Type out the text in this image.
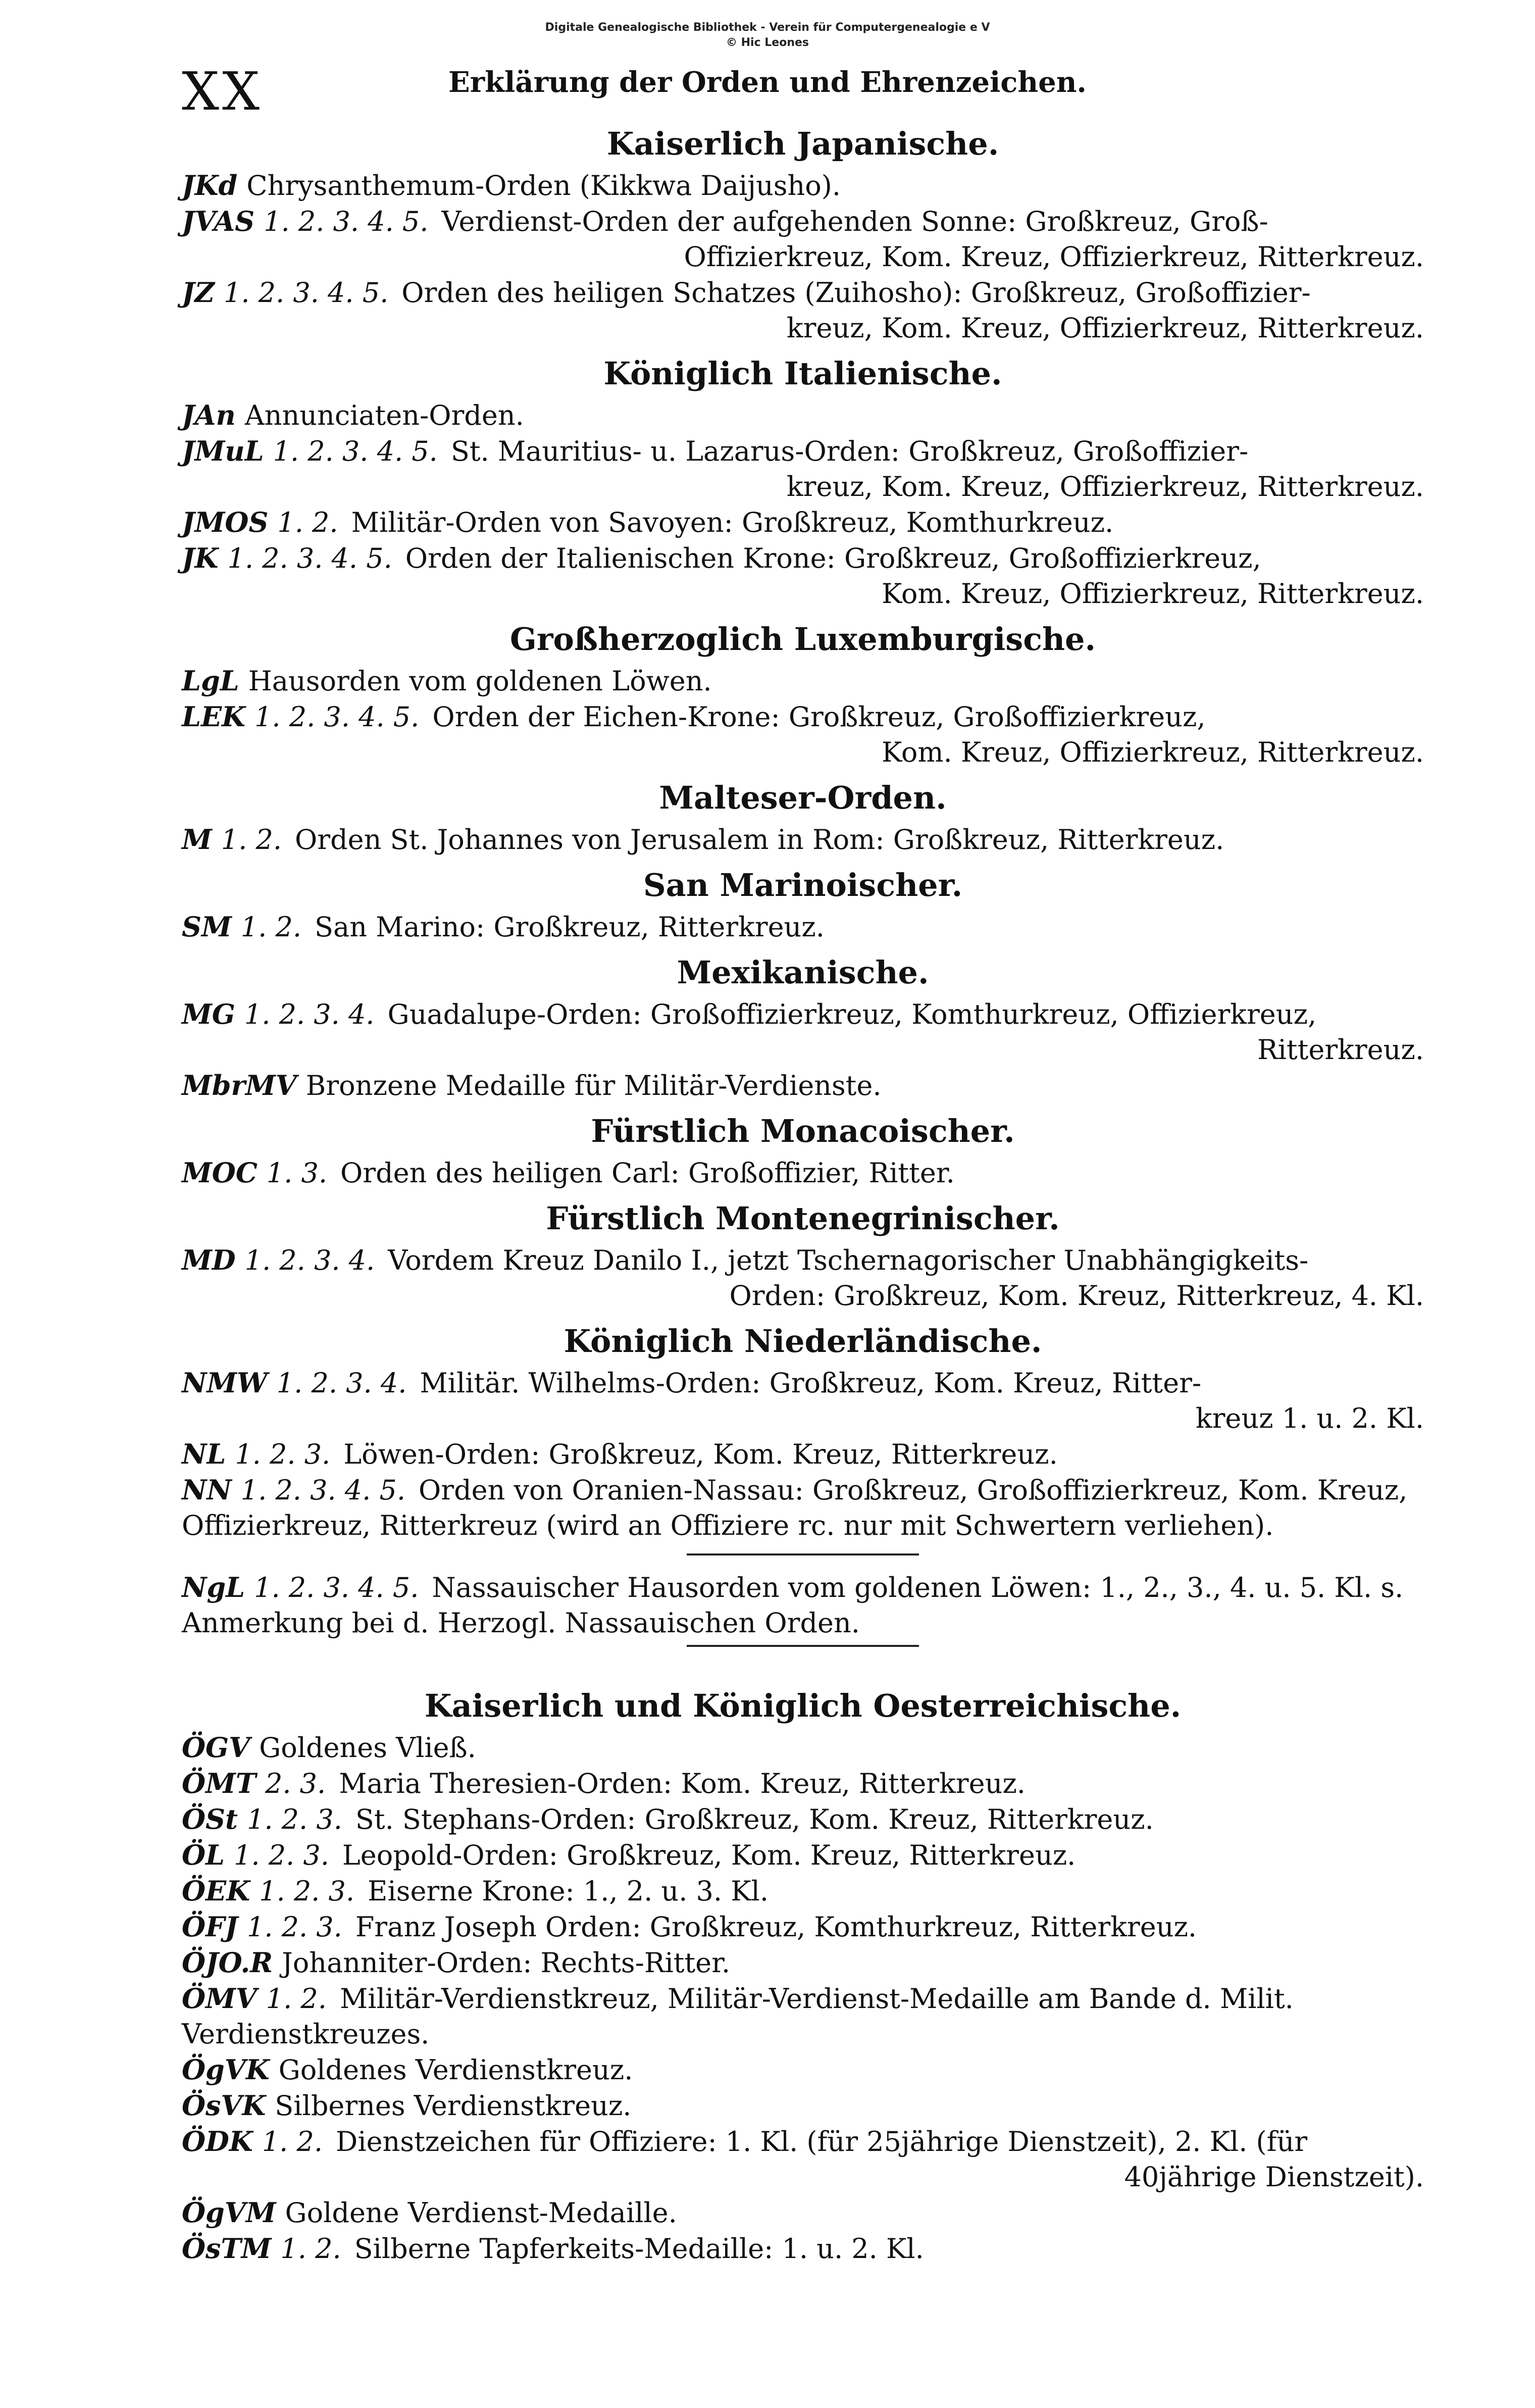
Digitale Genealogische Bibliothek - Verein für Computergenealogie e V
© Hic Leones
XX	Erklärung der Orden und Ehrenzeichen.
Kaiserlich Japanische.
JKd Chrysanthemum-Orden (Kikkwa Daijusho).
JVAS 1. 2. 3. 4. 5. Verdienst-Orden der aufgehenden Sonne: Großkreuz, Groß-
Offizierkreuz, Kom. Kreuz, Offizierkreuz, Ritterkreuz.
JZ 1. 2. 3. 4. 5. Orden des heiligen Schatzes (Zuihosho): Großkreuz, Großoffizier-
kreuz, Kom. Kreuz, Offizierkreuz, Ritterkreuz.
Königlich Italienische.
JAn Annunciaten-Orden.
JMuL 1. 2. 3. 4. 5. St. Mauritius- u. Lazarus-Orden: Großkreuz, Großoffizier-
kreuz, Kom. Kreuz, Offizierkreuz, Ritterkreuz.
JMOS 1. 2. Militär-Orden von Savoyen: Großkreuz, Komthurkreuz.
JK 1. 2. 3. 4. 5. Orden der Italienischen Krone: Großkreuz, Großoffizierkreuz,
Kom. Kreuz, Offizierkreuz, Ritterkreuz.
Großherzoglich Luxemburgische.
LgL Hausorden vom goldenen Löwen.
LEK 1. 2. 3. 4. 5. Orden der Eichen-Krone: Großkreuz, Großoffizierkreuz,
Kom. Kreuz, Offizierkreuz, Ritterkreuz.
Malteser-Orden.
M 1. 2. Orden St. Johannes von Jerusalem in Rom: Großkreuz, Ritterkreuz.
San Marinoischer.
SM 1. 2. San Marino: Großkreuz, Ritterkreuz.
Mexikanische.
MG 1. 2. 3. 4. Guadalupe-Orden: Großoffizierkreuz, Komthurkreuz, Offizierkreuz,
Ritterkreuz.
MbrMV Bronzene Medaille für Militär-Verdienste.
Fürstlich Monacoischer.
MOC 1. 3. Orden des heiligen Carl: Großoffizier, Ritter.
Fürstlich Montenegrinischer.
MD 1. 2. 3. 4. Vordem Kreuz Danilo I., jetzt Tschernagorischer Unabhängigkeits-
Orden: Großkreuz, Kom. Kreuz, Ritterkreuz, 4. Kl.
Königlich Niederländische.
NMW 1. 2. 3. 4. Militär. Wilhelms-Orden: Großkreuz, Kom. Kreuz, Ritter-
kreuz 1. u. 2. Kl.
NL 1. 2. 3. Löwen-Orden: Großkreuz, Kom. Kreuz, Ritterkreuz.
NN 1. 2. 3. 4. 5. Orden von Oranien-Nassau: Großkreuz, Großoffizierkreuz, Kom. Kreuz, Offizierkreuz, Ritterkreuz (wird an Offiziere rc. nur mit Schwertern verliehen).
NgL 1. 2. 3. 4. 5. Nassauischer Hausorden vom goldenen Löwen: 1., 2., 3., 4. u. 5. Kl. s. Anmerkung bei d. Herzogl. Nassauischen Orden.
Kaiserlich und Königlich Oesterreichische.
ÖGV Goldenes Vließ.
ÖMT 2. 3. Maria Theresien-Orden: Kom. Kreuz, Ritterkreuz.
ÖSt 1. 2. 3. St. Stephans-Orden: Großkreuz, Kom. Kreuz, Ritterkreuz.
ÖL 1. 2. 3. Leopold-Orden: Großkreuz, Kom. Kreuz, Ritterkreuz.
ÖEK 1. 2. 3. Eiserne Krone: 1., 2. u. 3. Kl.
ÖFJ 1. 2. 3. Franz Joseph Orden: Großkreuz, Komthurkreuz, Ritterkreuz.
ÖJO.R Johanniter-Orden: Rechts-Ritter.
ÖMV 1. 2. Militär-Verdienstkreuz, Militär-Verdienst-Medaille am Bande d. Milit. Verdienstkreuzes.
ÖgVK Goldenes Verdienstkreuz.
ÖsVK Silbernes Verdienstkreuz.
ÖDK 1. 2. Dienstzeichen für Offiziere: 1. Kl. (für 25jährige Dienstzeit), 2. Kl. (für
40jährige Dienstzeit).
ÖgVM Goldene Verdienst-Medaille.
ÖsTM 1. 2. Silberne Tapferkeits-Medaille: 1. u. 2. Kl.
